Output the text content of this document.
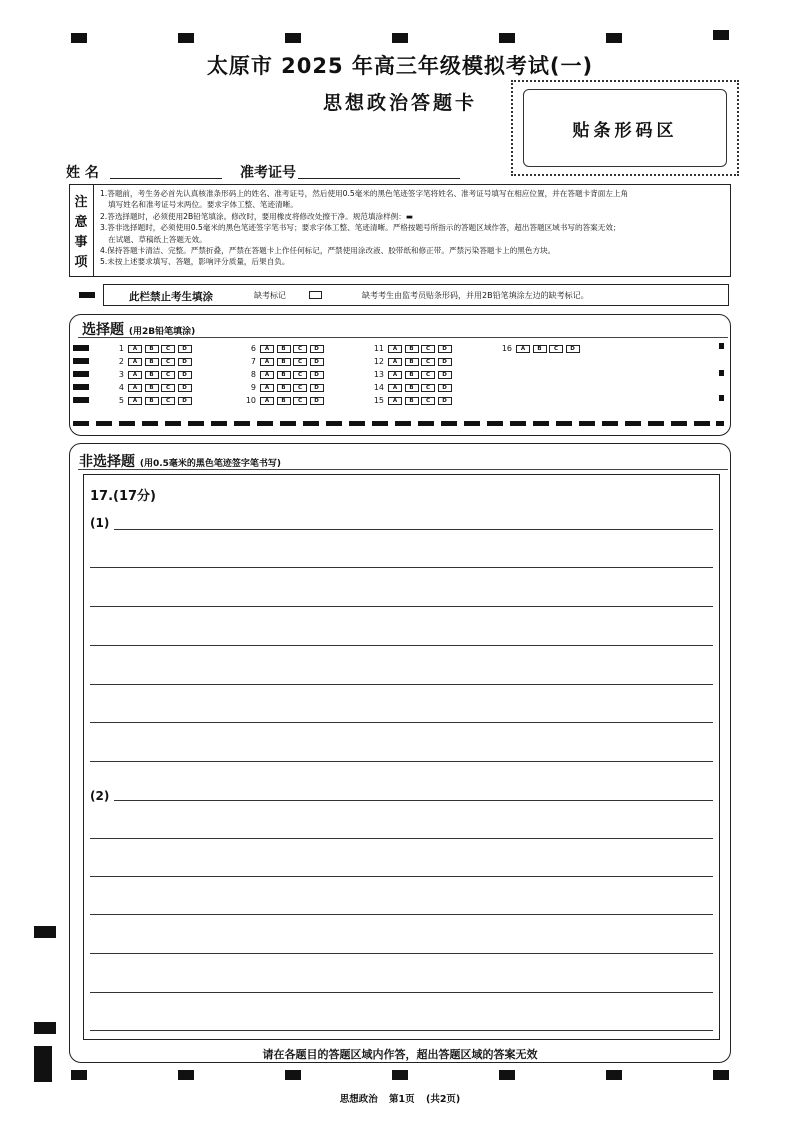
太原市 2025 年高三年级模拟考试(一)
思想政治答题卡
贴条形码区
姓 名	准考证号
注
意
事
项
1.答题前，考生务必首先认真核准条形码上的姓名、准考证号，然后使用0.5毫米的黑色笔迹签字笔将姓名、准考证号填写在相应位置，并在答题卡背面左上角
填写姓名和准考证号末两位。要求字体工整、笔迹清晰。
2.答选择题时，必须使用2B铅笔填涂。修改时，要用橡皮将修改处擦干净。规范填涂样例：▬
3.答非选择题时，必须使用0.5毫米的黑色笔迹签字笔书写；要求字体工整、笔迹清晰。严格按题号所指示的答题区域作答，超出答题区域书写的答案无效；
在试题、草稿纸上答题无效。
4.保持答题卡清洁、完整。严禁折叠，严禁在答题卡上作任何标记，严禁使用涂改液、胶带纸和修正带。严禁污染答题卡上的黑色方块。
5.未按上述要求填写、答题，影响评分质量，后果自负。
此栏禁止考生填涂	缺考标记	缺考考生由监考员贴条形码，并用2B铅笔填涂左边的缺考标记。
选择题 (用2B铅笔填涂)
1	A	B	C	D
2	A	B	C	D
3	A	B	C	D
4	A	B	C	D
5	A	B	C	D
6	A	B	C	D
7	A	B	C	D
8	A	B	C	D
9	A	B	C	D
10	A	B	C	D
11	A	B	C	D
12	A	B	C	D
13	A	B	C	D
14	A	B	C	D
15	A	B	C	D
16	A	B	C	D
非选择题 (用0.5毫米的黑色笔迹签字笔书写)
17.(17分)
(1)
(2)
请在各题目的答题区域内作答，超出答题区域的答案无效
思想政治 第1页 (共2页)
